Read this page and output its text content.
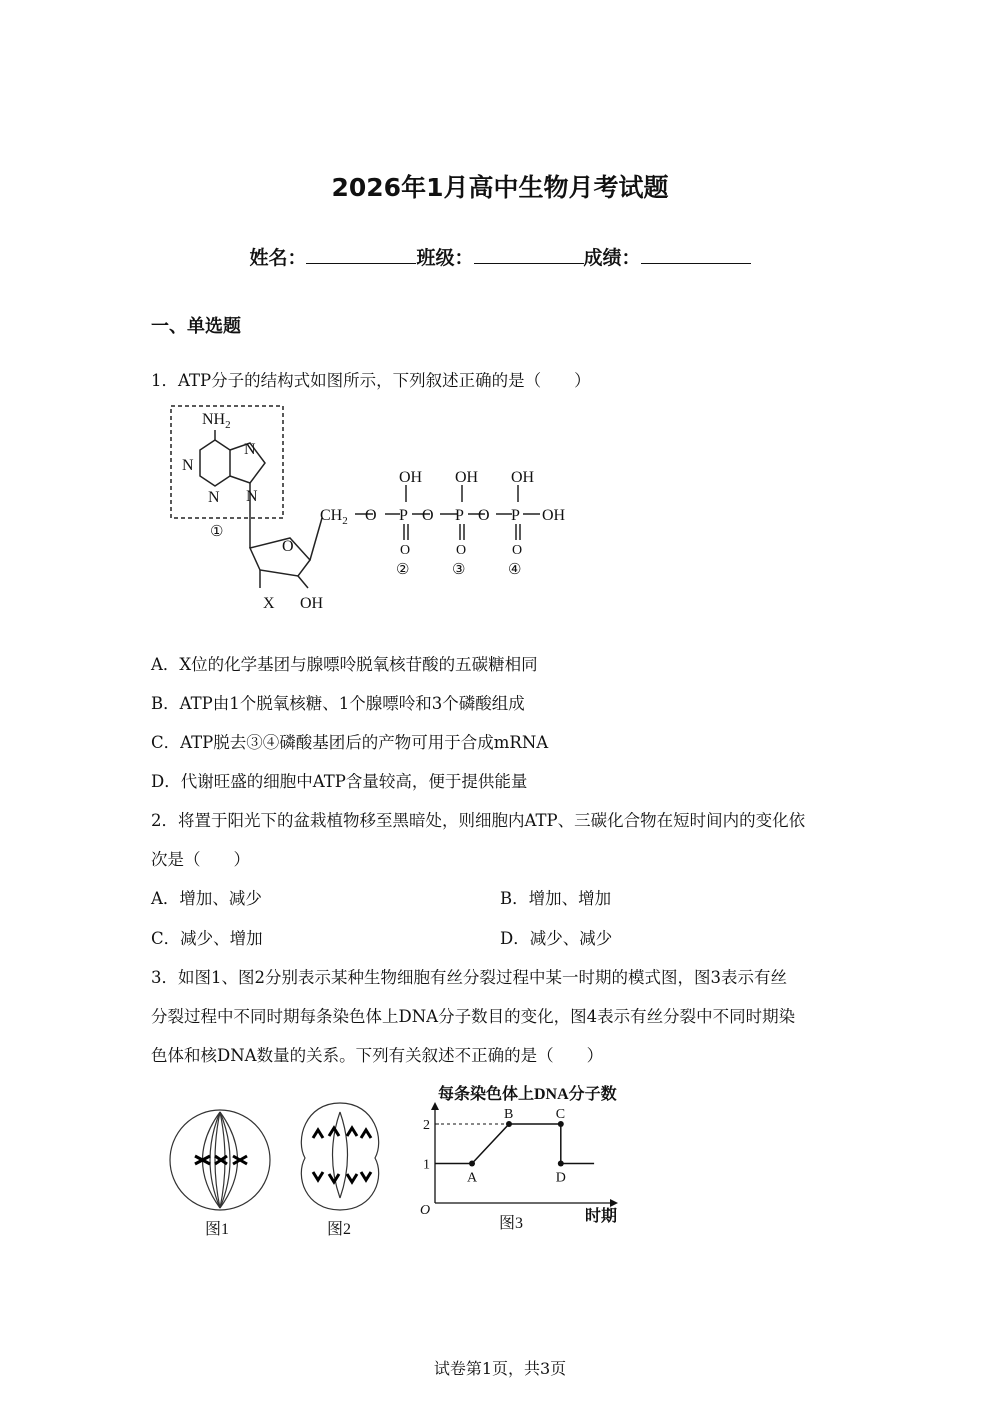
2026年1月高中生物月考试题
姓名：	班级：	成绩：
一、单选题
1．ATP分子的结构式如图所示，下列叙述正确的是（　　）
$NH_2$
N
N
N
N
①
O
X OH
$CH_2$ O P
OH
O
②
O P
OH
O
③
O P
OH
O
④
OH
A．X位的化学基团与腺嘌呤脱氧核苷酸的五碳糖相同
B．ATP由1个脱氧核糖、1个腺嘌呤和3个磷酸组成
C．ATP脱去③④磷酸基团后的产物可用于合成mRNA
D．代谢旺盛的细胞中ATP含量较高，便于提供能量
2．将置于阳光下的盆栽植物移至黑暗处，则细胞内ATP、三碳化合物在短时间内的变化依
次是（　　）
A．增加、减少	B．增加、增加
C．减少、增加	D．减少、减少
3．如图1、图2分别表示某种生物细胞有丝分裂过程中某一时期的模式图，图3表示有丝
分裂过程中不同时期每条染色体上DNA分子数目的变化，图4表示有丝分裂中不同时期染
色体和核DNA数量的关系。下列有关叙述不正确的是（　　）
图1	图2
每条染色体上DNA分子数
O	时期
图3
1
2
A
B	C
D
试卷第1页，共3页
